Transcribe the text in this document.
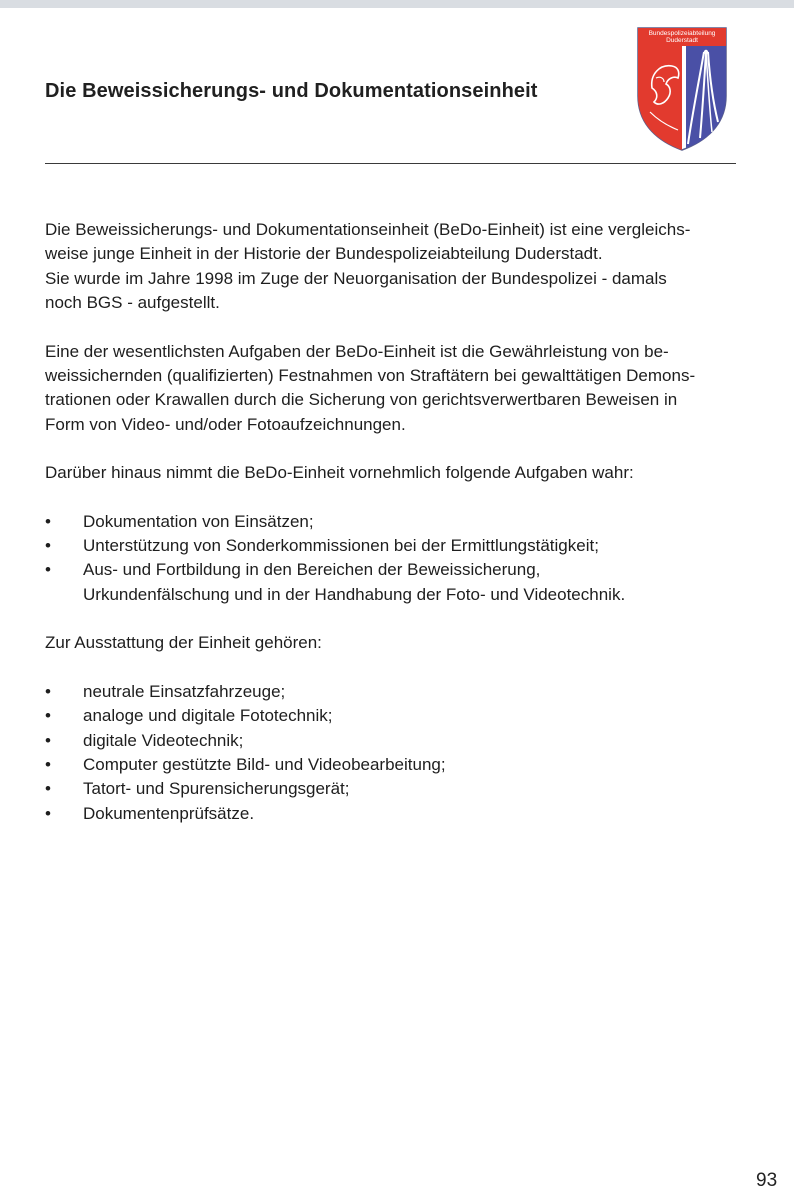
Die Beweissicherungs- und Dokumentationseinheit
Bundespolizeiabteilung
Duderstadt

Die Beweissicherungs- und Dokumentationseinheit (BeDo-Einheit) ist eine vergleichs-
weise junge Einheit in der Historie der Bundespolizeiabteilung Duderstadt.
Sie wurde im Jahre 1998 im Zuge der Neuorganisation der Bundespolizei - damals
noch BGS - aufgestellt.

Eine der wesentlichsten Aufgaben der BeDo-Einheit ist die Gewährleistung von be-
weissichernden (qualifizierten) Festnahmen von Straftätern bei gewalttätigen Demons-
trationen oder Krawallen durch die Sicherung von gerichtsverwertbaren Beweisen in
Form von Video- und/oder Fotoaufzeichnungen.

Darüber hinaus nimmt die BeDo-Einheit vornehmlich folgende Aufgaben wahr:

• Dokumentation von Einsätzen;
• Unterstützung von Sonderkommissionen bei der Ermittlungstätigkeit;
• Aus- und Fortbildung in den Bereichen der Beweissicherung,
Urkundenfälschung und in der Handhabung der Foto- und Videotechnik.

Zur Ausstattung der Einheit gehören:

• neutrale Einsatzfahrzeuge;
• analoge und digitale Fototechnik;
• digitale Videotechnik;
• Computer gestützte Bild- und Videobearbeitung;
• Tatort- und Spurensicherungsgerät;
• Dokumentenprüfsätze.
93
